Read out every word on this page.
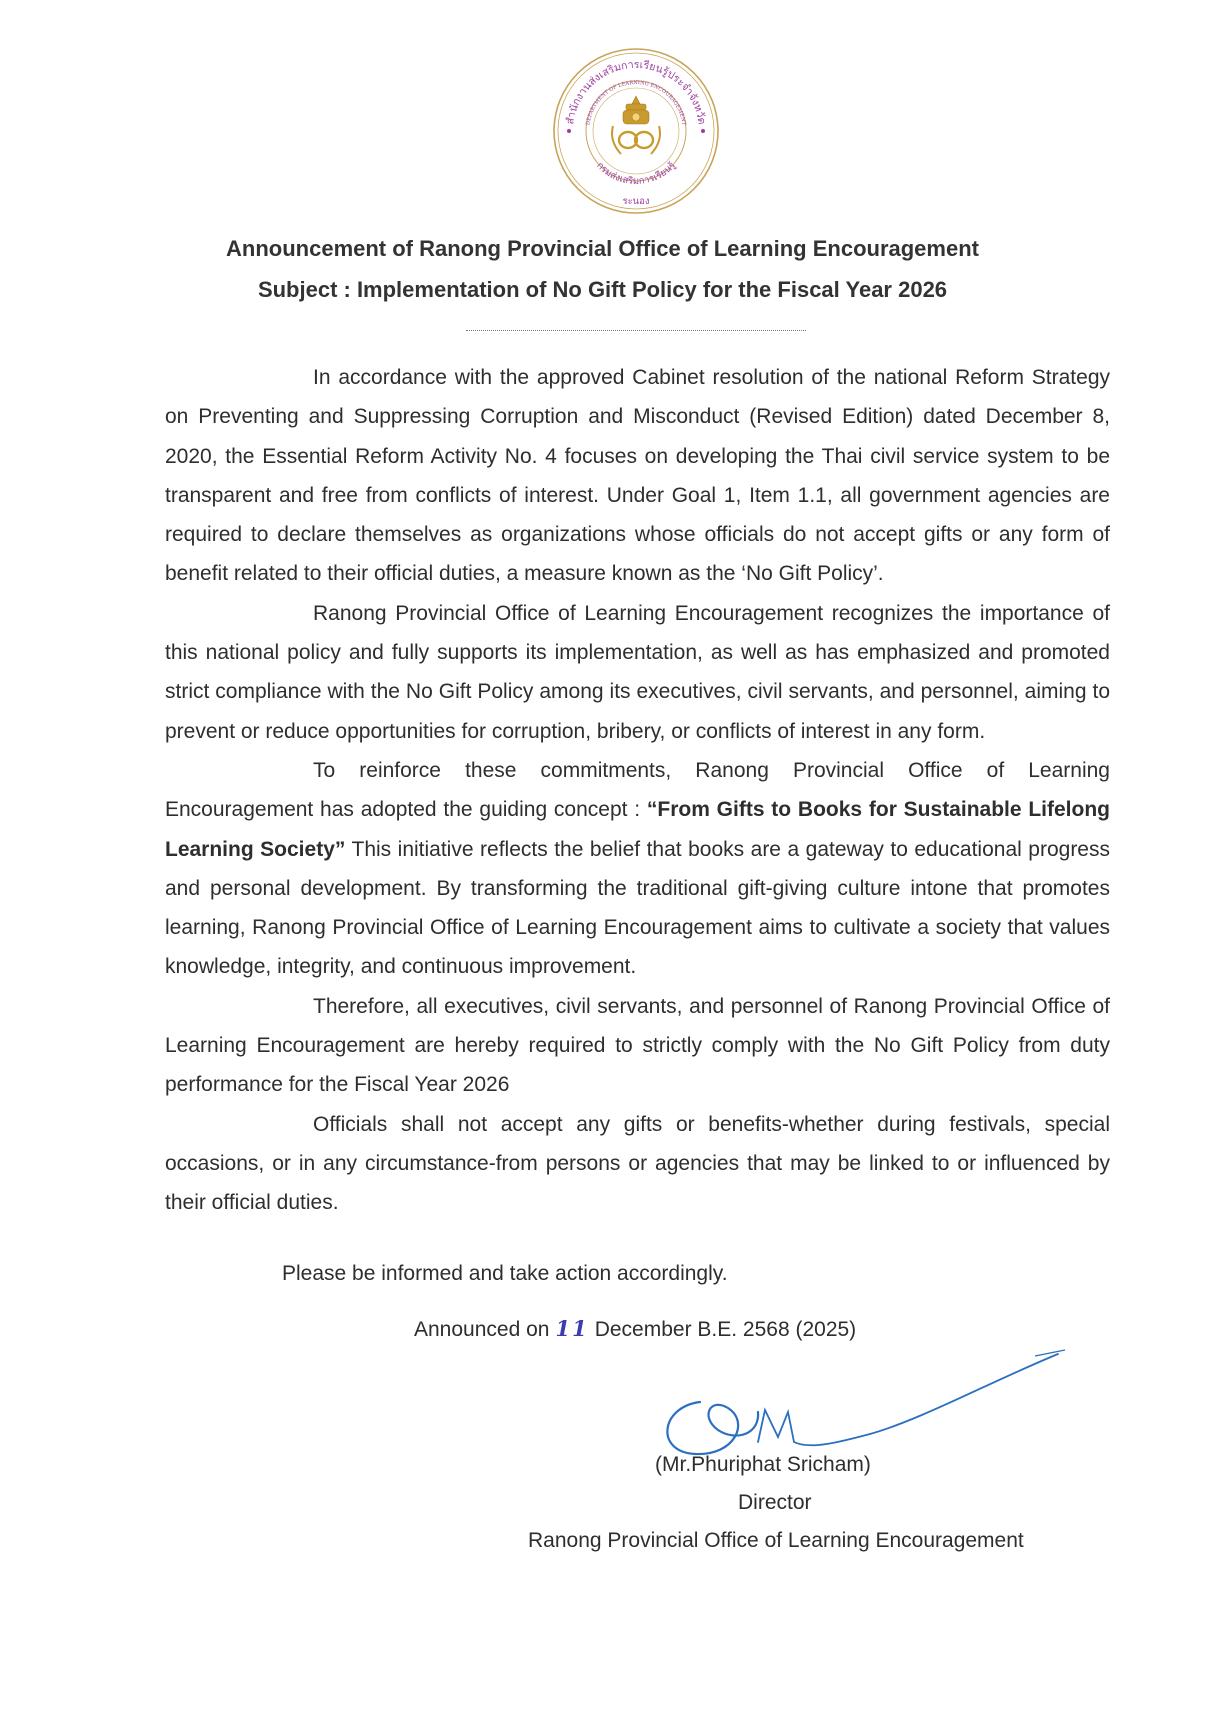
สำนักงานส่งเสริมการเรียนรู้ประจำจังหวัด
DEPARTMENT OF LEARNING ENCOURAGEMENT
กรมส่งเสริมการเรียนรู้
ระนอง
Announcement of Ranong Provincial Office of Learning Encouragement
Subject : Implementation of No Gift Policy for the Fiscal Year 2026

In accordance with the approved Cabinet resolution of the national Reform Strategy on Preventing and Suppressing Corruption and Misconduct (Revised Edition) dated December 8, 2020, the Essential Reform Activity No. 4 focuses on developing the Thai civil service system to be transparent and free from conflicts of interest. Under Goal 1, Item 1.1, all government agencies are required to declare themselves as organizations whose officials do not accept gifts or any form of benefit related to their official duties, a measure known as the ‘No Gift Policy’.

Ranong Provincial Office of Learning Encouragement recognizes the importance of this national policy and fully supports its implementation, as well as has emphasized and promoted strict compliance with the No Gift Policy among its executives, civil servants, and personnel, aiming to prevent or reduce opportunities for corruption, bribery, or conflicts of interest in any form.

To reinforce these commitments, Ranong Provincial Office of Learning Encouragement has adopted the guiding concept : “From Gifts to Books for Sustainable Lifelong Learning Society” This initiative reflects the belief that books are a gateway to educational progress and personal development. By transforming the traditional gift-giving culture intone that promotes learning, Ranong Provincial Office of Learning Encouragement aims to cultivate a society that values knowledge, integrity, and continuous improvement.

Therefore, all executives, civil servants, and personnel of Ranong Provincial Office of Learning Encouragement are hereby required to strictly comply with the No Gift Policy from duty performance for the Fiscal Year 2026

Officials shall not accept any gifts or benefits-whether during festivals, special occasions, or in any circumstance-from persons or agencies that may be linked to or influenced by their official duties.

Please be informed and take action accordingly.
Announced on 11 December B.E. 2568 (2025)
(Mr.Phuriphat Sricham)
Director
Ranong Provincial Office of Learning Encouragement
